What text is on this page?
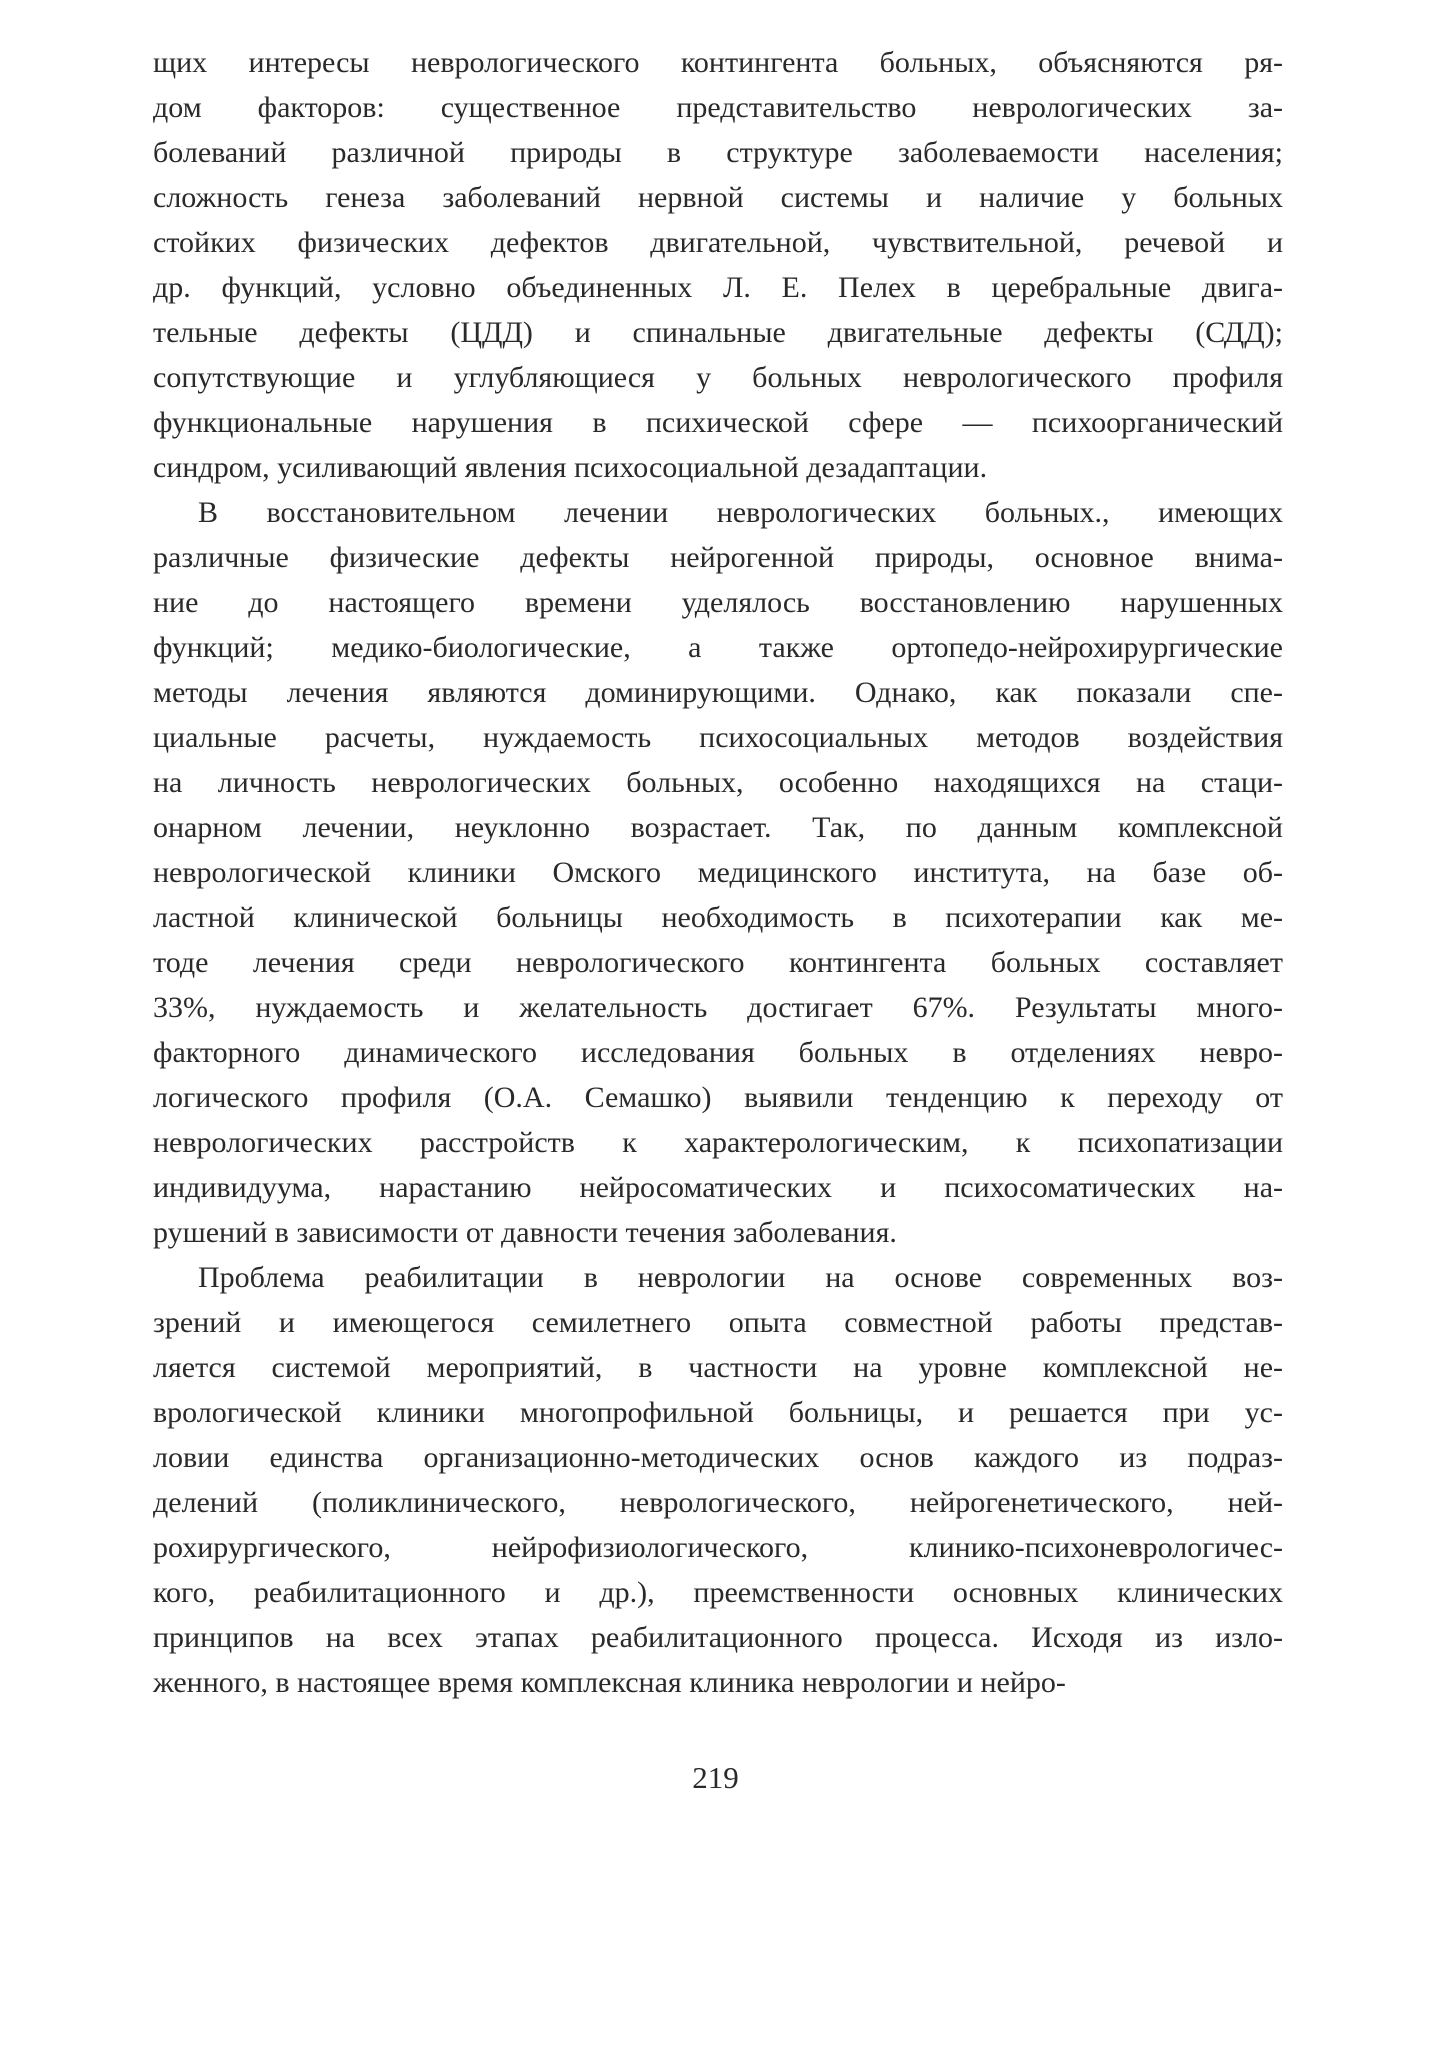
щих интересы неврологического контингента больных, объясняются ря-
дом факторов: существенное представительство неврологических за-
болеваний различной природы в структуре заболеваемости населения;
сложность генеза заболеваний нервной системы и наличие у больных
стойких физических дефектов двигательной, чувствительной, речевой и
др. функций, условно объединенных Л. Е. Пелех в церебральные двига-
тельные дефекты (ЦДД) и спинальные двигательные дефекты (СДД);
сопутствующие и углубляющиеся у больных неврологического профиля
функциональные нарушения в психической сфере — психоорганический
синдром, усиливающий явления психосоциальной дезадаптации.

В восстановительном лечении неврологических больных., имеющих
различные физические дефекты нейрогенной природы, основное внима-
ние до настоящего времени уделялось восстановлению нарушенных
функций; медико-биологические, а также ортопедо-нейрохирургические
методы лечения являются доминирующими. Однако, как показали спе-
циальные расчеты, нуждаемость психосоциальных методов воздействия
на личность неврологических больных, особенно находящихся на стаци-
онарном лечении, неуклонно возрастает. Так, по данным комплексной
неврологической клиники Омского медицинского института, на базе об-
ластной клинической больницы необходимость в психотерапии как ме-
тоде лечения среди неврологического контингента больных составляет
33%, нуждаемость и желательность достигает 67%. Результаты много-
факторного динамического исследования больных в отделениях невро-
логического профиля (О.А. Семашко) выявили тенденцию к переходу от
неврологических расстройств к характерологическим, к психопатизации
индивидуума, нарастанию нейросоматических и психосоматических на-
рушений в зависимости от давности течения заболевания.

Проблема реабилитации в неврологии на основе современных воз-
зрений и имеющегося семилетнего опыта совместной работы представ-
ляется системой мероприятий, в частности на уровне комплексной не-
врологической клиники многопрофильной больницы, и решается при ус-
ловии единства организационно-методических основ каждого из подраз-
делений (поликлинического, неврологического, нейрогенетического, ней-
рохирургического, нейрофизиологического, клинико-психоневрологичес-
кого, реабилитационного и др.), преемственности основных клинических
принципов на всех этапах реабилитационного процесса. Исходя из изло-
женного, в настоящее время комплексная клиника неврологии и нейро-

219
